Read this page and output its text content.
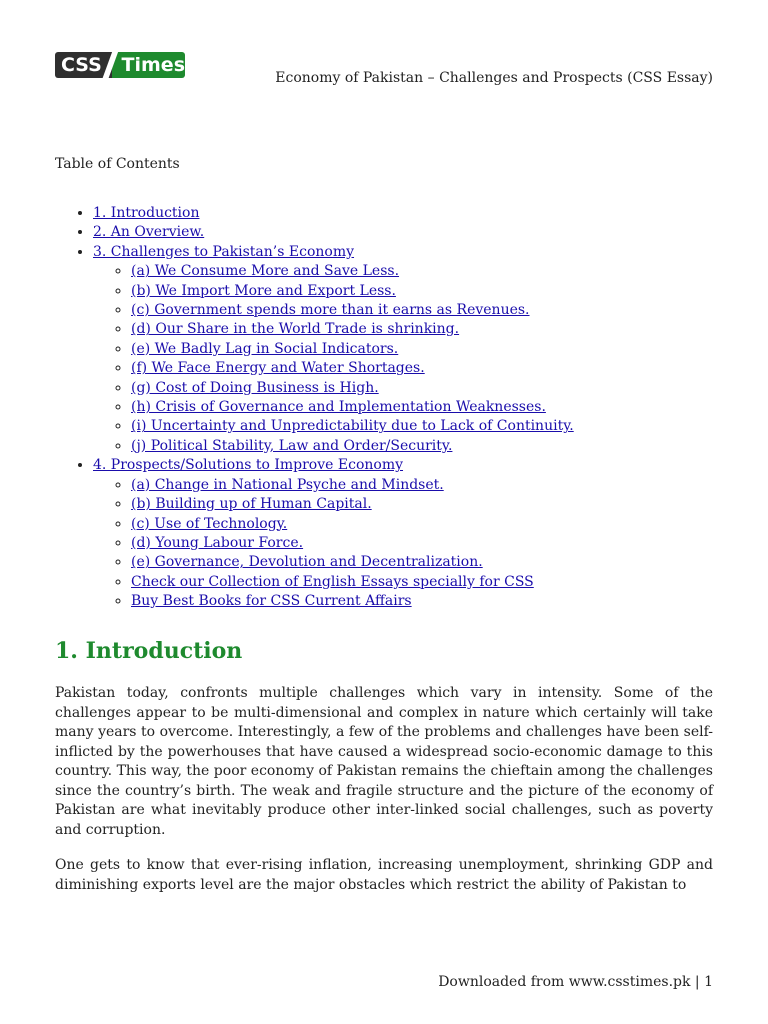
CSS	Times
Economy of Pakistan – Challenges and Prospects (CSS Essay)
Table of Contents
• 1. Introduction
• 2. An Overview.
• 3. Challenges to Pakistan’s Economy
◦ (a) We Consume More and Save Less.
◦ (b) We Import More and Export Less.
◦ (c) Government spends more than it earns as Revenues.
◦ (d) Our Share in the World Trade is shrinking.
◦ (e) We Badly Lag in Social Indicators.
◦ (f) We Face Energy and Water Shortages.
◦ (g) Cost of Doing Business is High.
◦ (h) Crisis of Governance and Implementation Weaknesses.
◦ (i) Uncertainty and Unpredictability due to Lack of Continuity.
◦ (j) Political Stability, Law and Order/Security.
• 4. Prospects/Solutions to Improve Economy
◦ (a) Change in National Psyche and Mindset.
◦ (b) Building up of Human Capital.
◦ (c) Use of Technology.
◦ (d) Young Labour Force.
◦ (e) Governance, Devolution and Decentralization.
◦ Check our Collection of English Essays specially for CSS
◦ Buy Best Books for CSS Current Affairs
1. Introduction

Pakistan today, confronts multiple challenges which vary in intensity. Some of the challenges appear to be multi-dimensional and complex in nature which certainly will take many years to overcome. Interestingly, a few of the problems and challenges have been self-inflicted by the powerhouses that have caused a widespread socio-economic damage to this country. This way, the poor economy of Pakistan remains the chieftain among the challenges since the country’s birth. The weak and fragile structure and the picture of the economy of Pakistan are what inevitably produce other inter-linked social challenges, such as poverty and corruption.

One gets to know that ever-rising inflation, increasing unemployment, shrinking GDP and diminishing exports level are the major obstacles which restrict the ability of Pakistan to

Downloaded from www.csstimes.pk | 1
